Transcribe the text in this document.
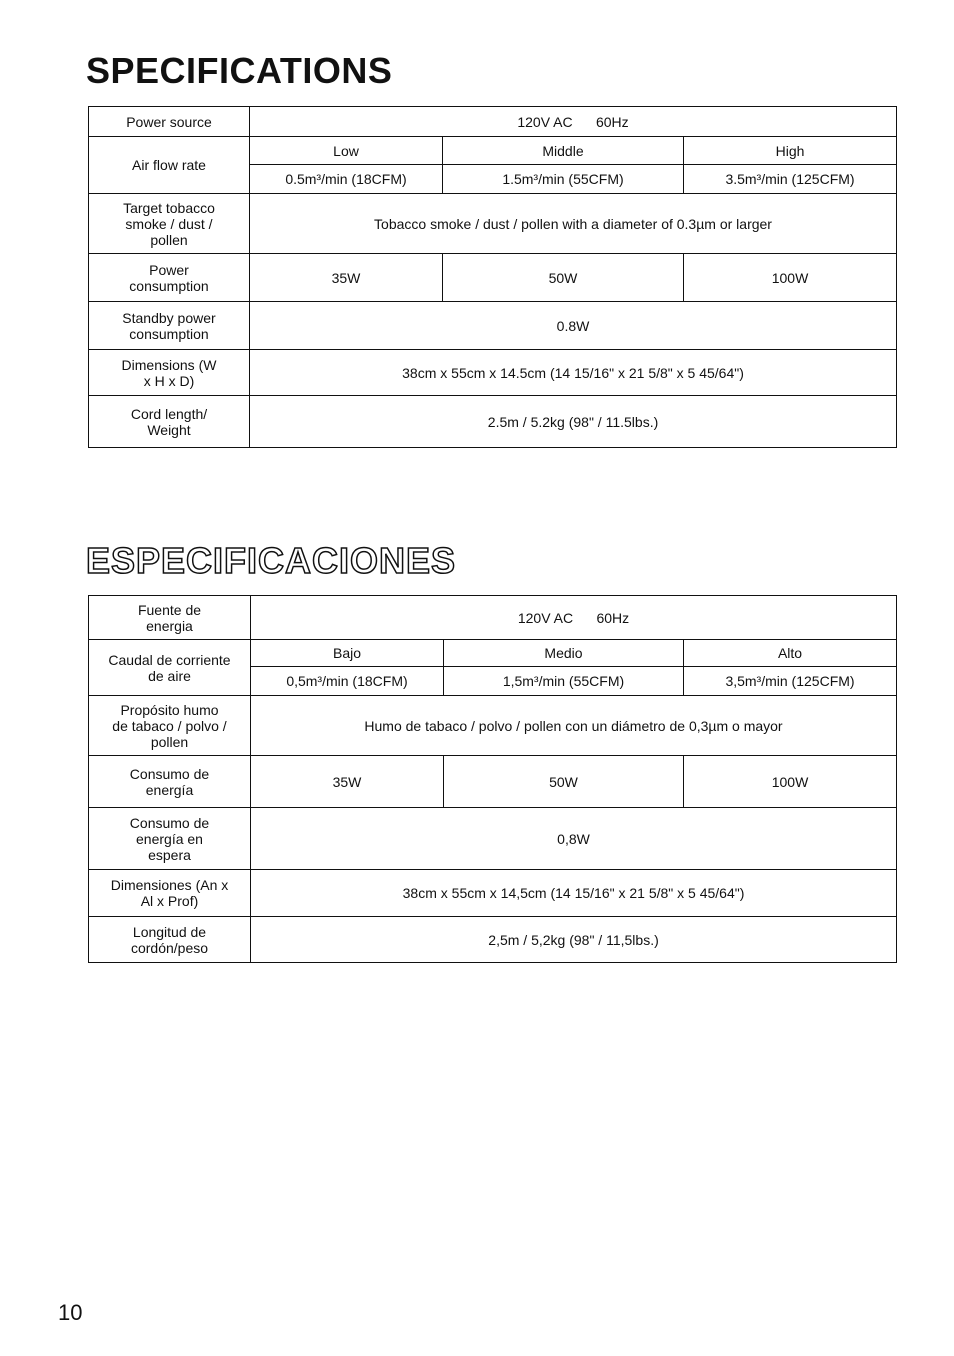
SPECIFICATIONS
Power source	120V AC      60Hz		
Air flow rate	Low	Middle	High
	0.5m³/min (18CFM)	1.5m³/min (55CFM)	3.5m³/min (125CFM)
Target tobacco smoke / dust / pollen	Tobacco smoke / dust / pollen with a diameter of 0.3µm or larger		
Power consumption	35W	50W	100W
Standby power consumption	0.8W		
Dimensions (W x H x D)	38cm x 55cm x 14.5cm (14 15/16" x 21 5/8" x 5 45/64")		
Cord length/ Weight	2.5m / 5.2kg (98" / 11.5lbs.)		
ESPECIFICACIONES
Fuente de energia	120V AC      60Hz		
Caudal de corriente de aire	Bajo	Medio	Alto
	0,5m³/min (18CFM)	1,5m³/min (55CFM)	3,5m³/min (125CFM)
Propósito humo de tabaco / polvo / pollen	Humo de tabaco / polvo / pollen con un diámetro de 0,3µm o mayor		
Consumo de energía	35W	50W	100W
Consumo de energía en espera	0,8W		
Dimensiones (An x Al x Prof)	38cm x 55cm x 14,5cm (14 15/16" x 21 5/8" x 5 45/64")		
Longitud de cordón/peso	2,5m / 5,2kg (98" / 11,5lbs.)		
10
